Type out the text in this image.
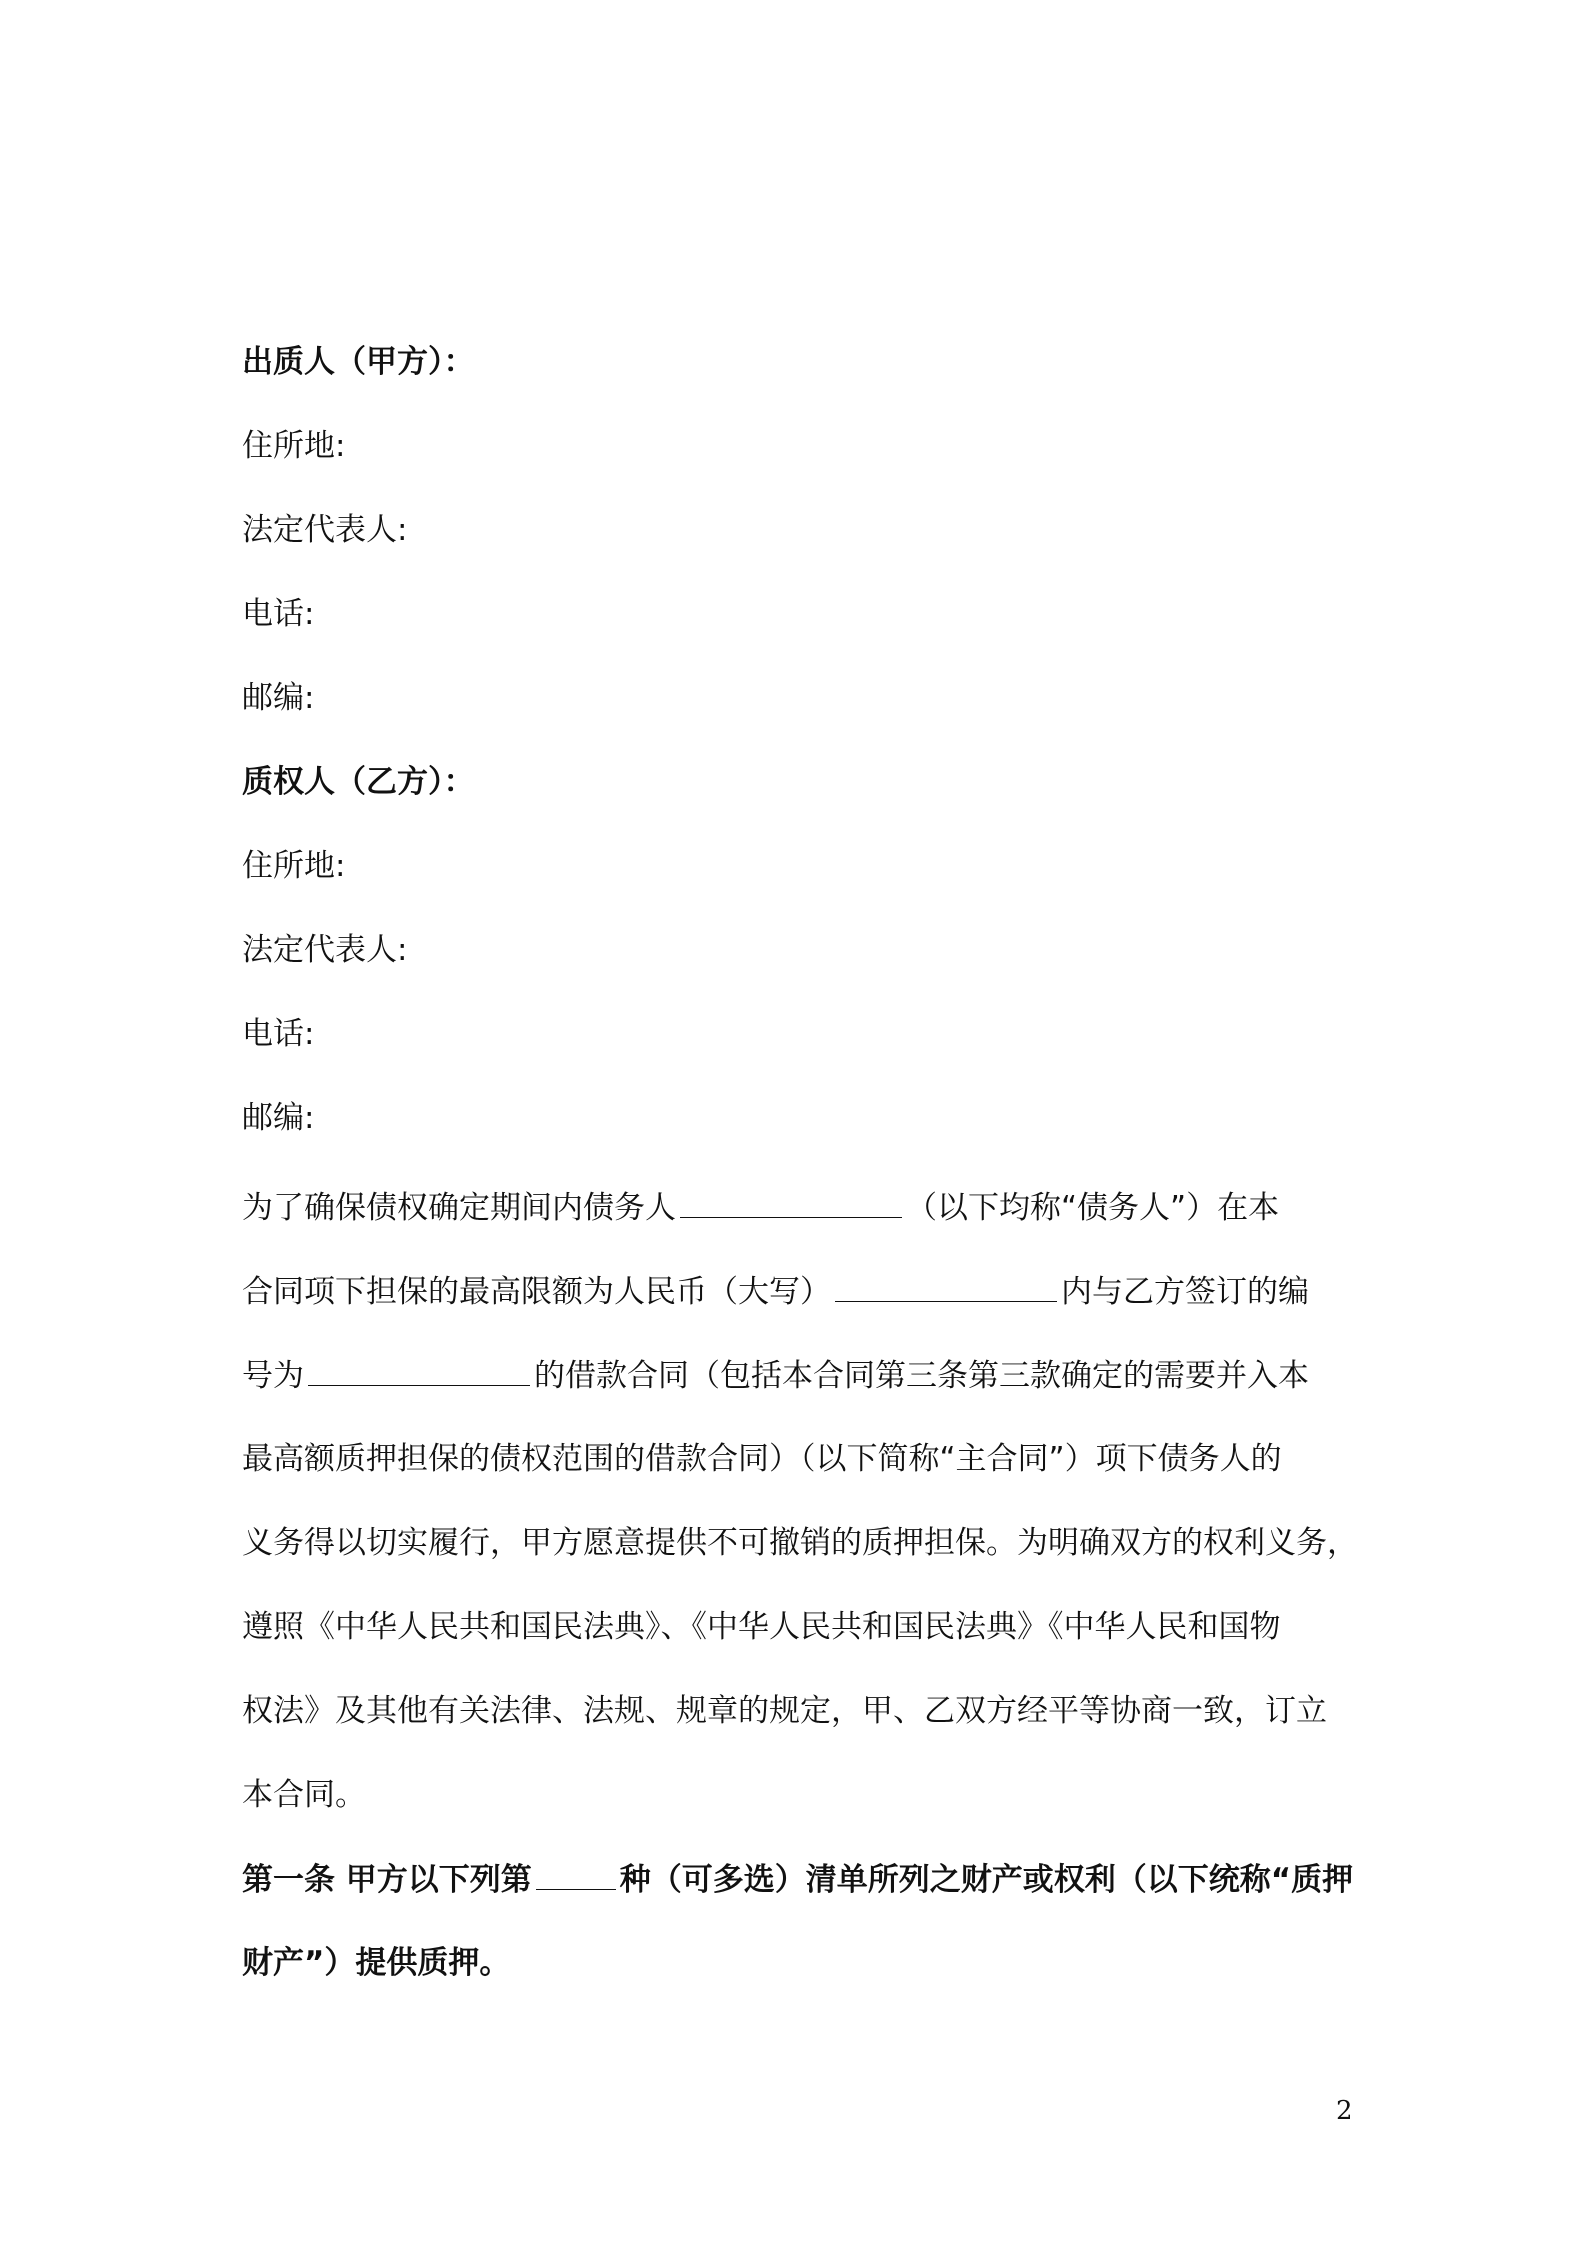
出质人（甲方）：
住所地:
法定代表人:
电话:
邮编:
质权人（乙方）：
住所地:
法定代表人:
电话:
邮编:
为了确保债权确定期间内债务人	（以下均称“债务人”）在本
合同项下担保的最高限额为人民币（大写）	内与乙方签订的编
号为	的借款合同（包括本合同第三条第三款确定的需要并入本
最高额质押担保的债权范围的借款合同）（以下简称“主合同”）项下债务人的
义务得以切实履行，甲方愿意提供不可撤销的质押担保。为明确双方的权利义务，
遵照《中华人民共和国民法典》、《中华人民共和国民法典》《中华人民和国物
权法》及其他有关法律、法规、规章的规定，甲、乙双方经平等协商一致，订立
本合同。
第一条 甲方以下列第	种（可多选）清单所列之财产或权利（以下统称“质押
财产”）提供质押。
2
